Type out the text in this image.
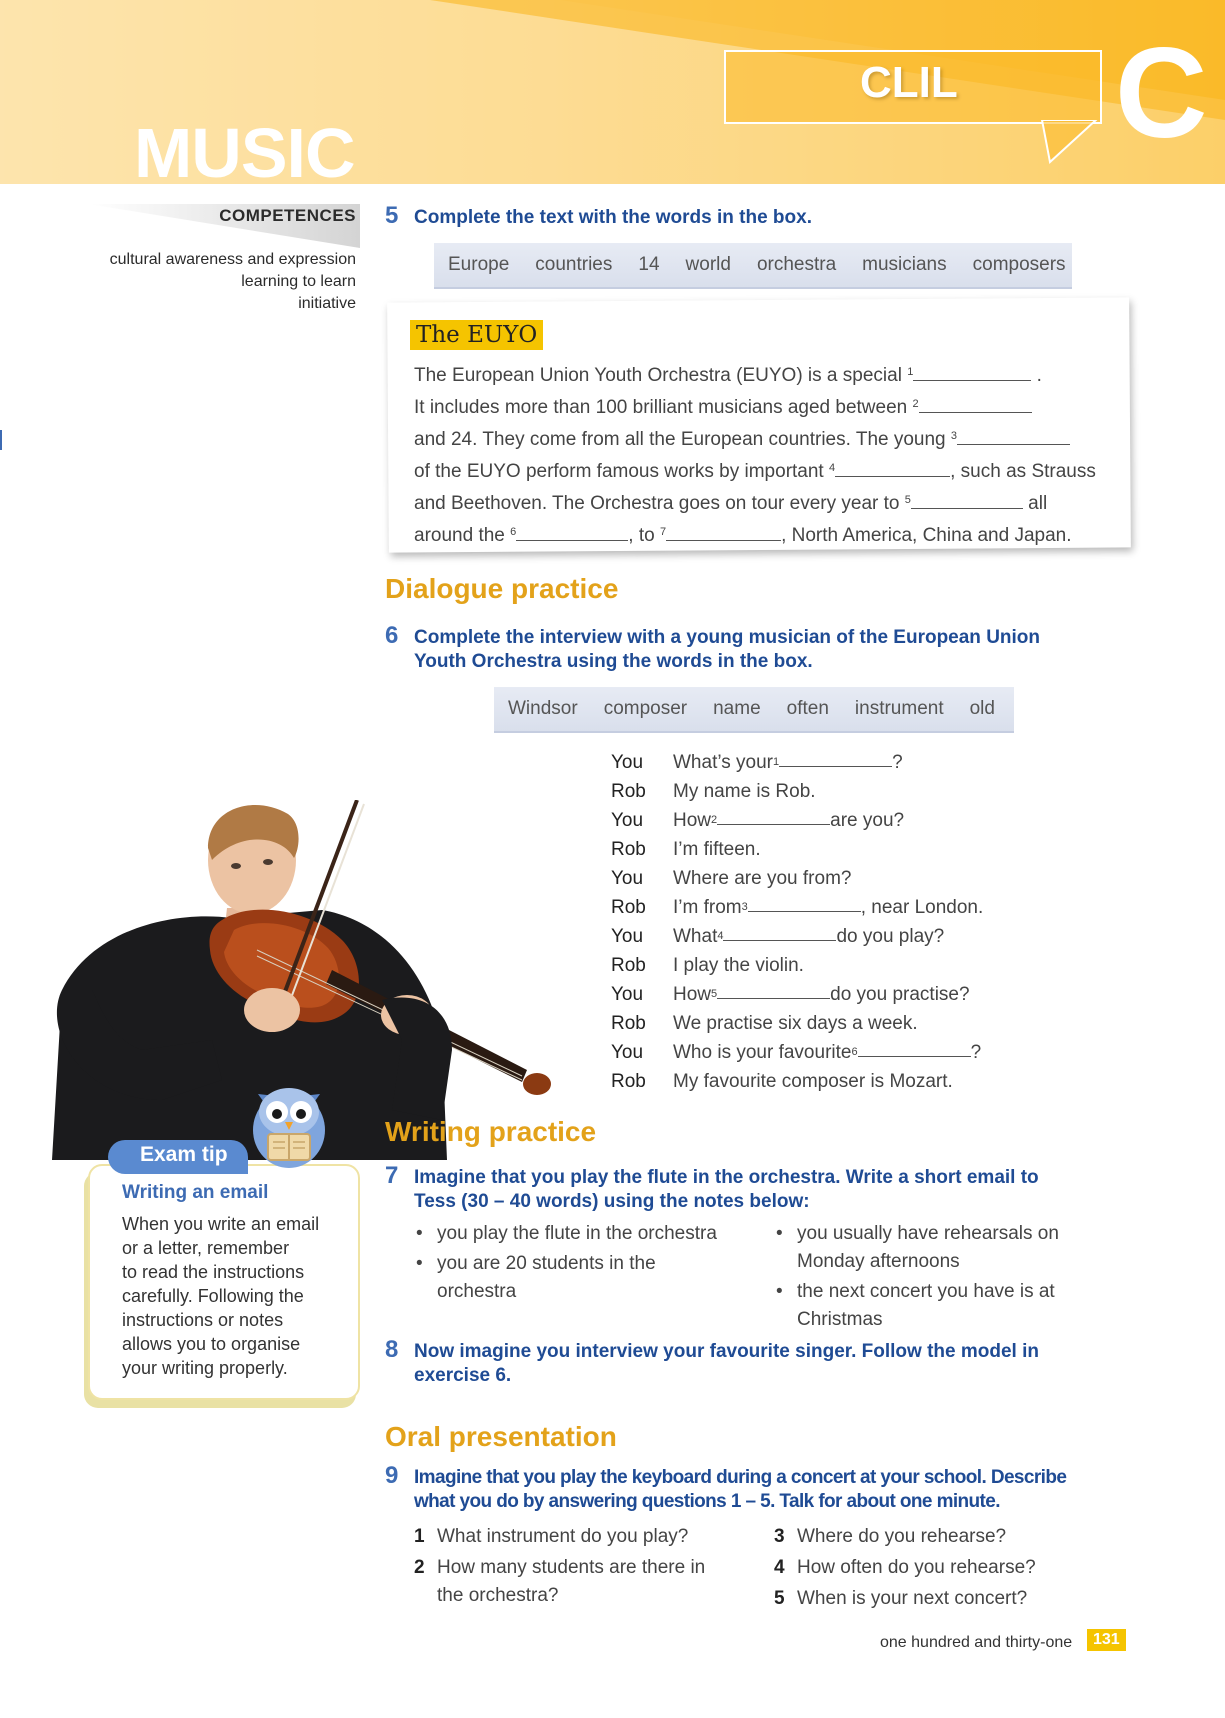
MUSIC
CLIL C
COMPETENCES
cultural awareness and expression
learning to learn
initiative
5 Complete the text with the words in the box.
Europe countries 14 world orchestra musicians composers
The EUYO
The European Union Youth Orchestra (EUYO) is a special $^1$	.
It includes more than 100 brilliant musicians aged between $^2$
and 24. They come from all the European countries. The young $^3$
of the EUYO perform famous works by important $^4$	, such as Strauss
and Beethoven. The Orchestra goes on tour every year to $^5$	all
around the $^6$	, to $^7$	, North America, China and Japan.
Dialogue practice
6 Complete the interview with a young musician of the European Union
Youth Orchestra using the words in the box.
Windsor composer name often instrument old
You	What’s your 1	?
Rob	My name is Rob.
You	How 2	are you?
Rob	I’m fifteen.
You	Where are you from?
Rob	I’m from 3	, near London.
You	What 4	do you play?
Rob	I play the violin.
You	How 5	do you practise?
Rob	We practise six days a week.
You	Who is your favourite 6	?
Rob	My favourite composer is Mozart.
Exam tip
Writing an email
When you write an email
or a letter, remember
to read the instructions
carefully. Following the
instructions or notes
allows you to organise
your writing properly.
Writing practice
7 Imagine that you play the flute in the orchestra. Write a short email to
Tess (30 – 40 words) using the notes below:
• you play the flute in the orchestra
• you are 20 students in the
orchestra
• you usually have rehearsals on
Monday afternoons
• the next concert you have is at
Christmas
8 Now imagine you interview your favourite singer. Follow the model in
exercise 6.
Oral presentation
9 Imagine that you play the keyboard during a concert at your school. Describe
what you do by answering questions 1 – 5. Talk for about one minute.
1 What instrument do you play?
2 How many students are there in
the orchestra?
3 Where do you rehearse?
4 How often do you rehearse?
5 When is your next concert?
one hundred and thirty-one	131
